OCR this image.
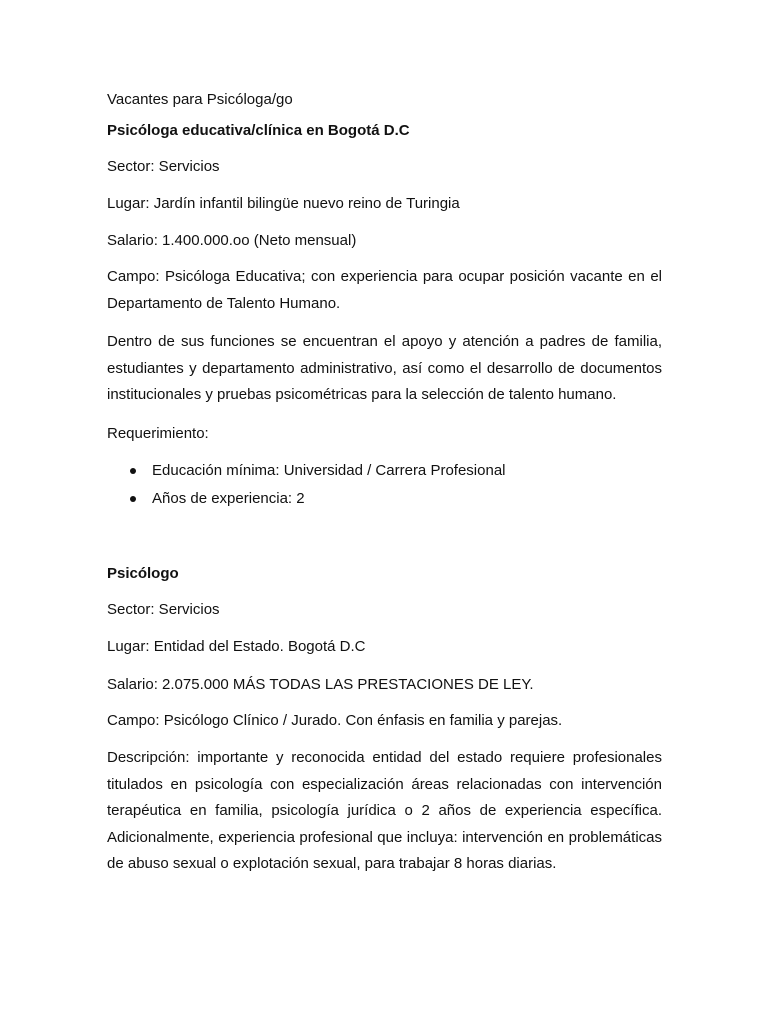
Vacantes para Psicóloga/go
Psicóloga educativa/clínica en Bogotá D.C
Sector: Servicios
Lugar: Jardín infantil bilingüe nuevo reino de Turingia
Salario: 1.400.000.oo (Neto mensual)
Campo: Psicóloga Educativa; con experiencia para ocupar posición vacante en el Departamento de Talento Humano.
Dentro de sus funciones se encuentran el apoyo y atención a padres de familia, estudiantes y departamento administrativo, así como el desarrollo de documentos institucionales y pruebas psicométricas para la selección de talento humano.
Requerimiento:
Educación mínima: Universidad / Carrera Profesional
Años de experiencia: 2
Psicólogo
Sector: Servicios
Lugar: Entidad del Estado. Bogotá D.C
Salario: 2.075.000 MÁS TODAS LAS PRESTACIONES DE LEY.
Campo: Psicólogo Clínico / Jurado. Con énfasis en familia y parejas.
Descripción: importante y reconocida entidad del estado requiere profesionales titulados en psicología con especialización áreas relacionadas con intervención terapéutica en familia, psicología jurídica o 2 años de experiencia específica. Adicionalmente, experiencia profesional que incluya: intervención en problemáticas de abuso sexual o explotación sexual, para trabajar 8 horas diarias.
